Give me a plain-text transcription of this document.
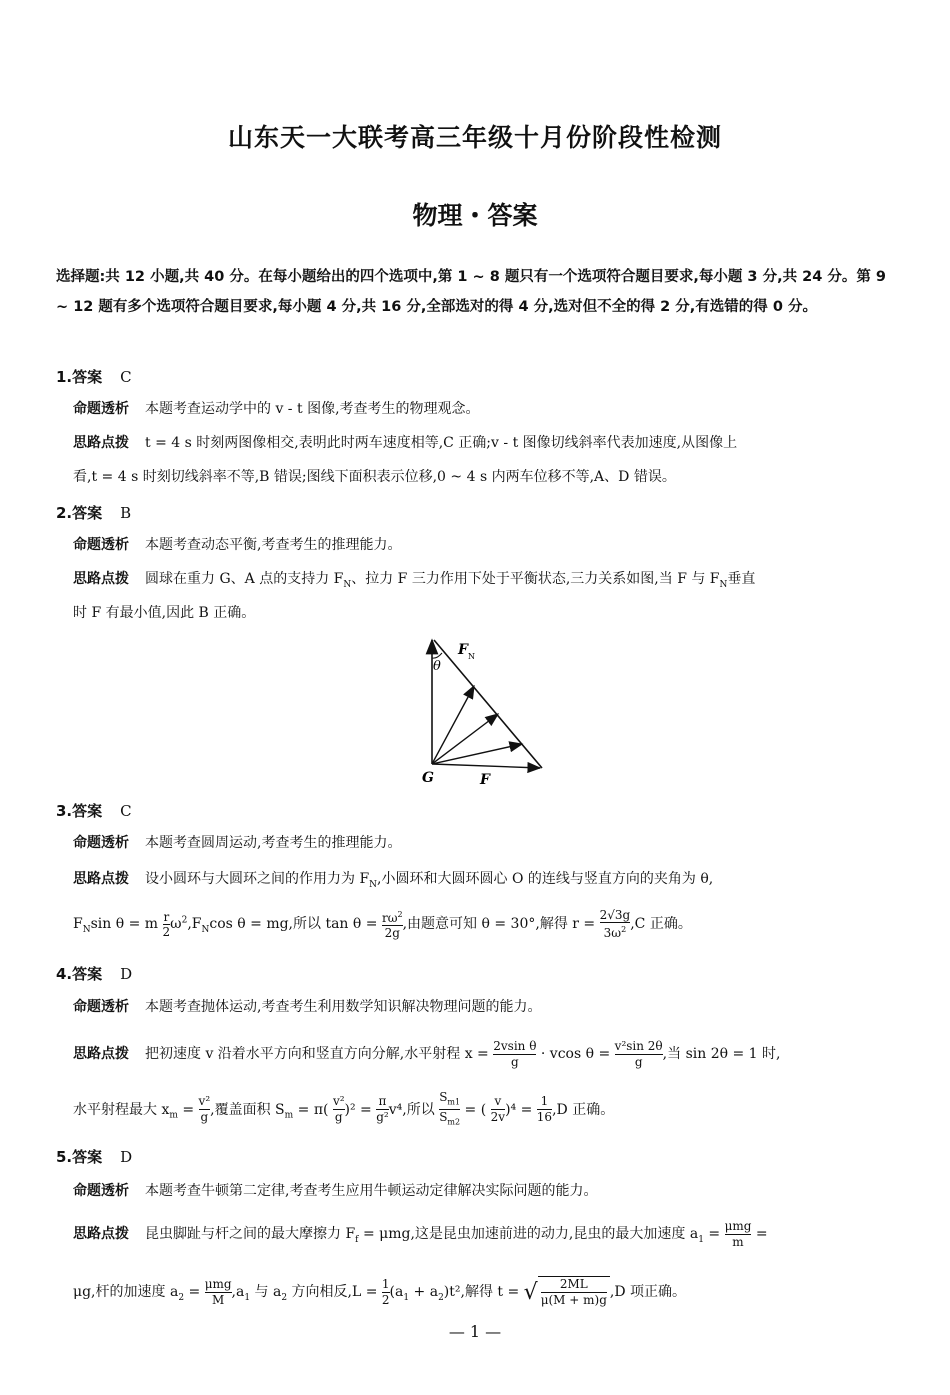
山东天一大联考高三年级十月份阶段性检测
物理・答案
选择题:共 12 小题,共 40 分。在每小题给出的四个选项中,第 1 ~ 8 题只有一个选项符合题目要求,每小题 3 分,共 24 分。第 9 ~ 12 题有多个选项符合题目要求,每小题 4 分,共 16 分,全部选对的得 4 分,选对但不全的得 2 分,有选错的得 0 分。
1.答案 C
命题透析 本题考查运动学中的 v - t 图像,考查考生的物理观念。
思路点拨 t = 4 s 时刻两图像相交,表明此时两车速度相等,C 正确;v - t 图像切线斜率代表加速度,从图像上
看,t = 4 s 时刻切线斜率不等,B 错误;图线下面积表示位移,0 ~ 4 s 内两车位移不等,A、D 错误。
2.答案 B
命题透析 本题考查动态平衡,考查考生的推理能力。
思路点拨 圆球在重力 G、A 点的支持力 $F_N$、拉力 F 三力作用下处于平衡状态,三力关系如图,当 F 与 $F_N$垂直
时 F 有最小值,因此 B 正确。
θ
F N
G	F
3.答案 C
命题透析 本题考查圆周运动,考查考生的推理能力。
思路点拨 设小圆环与大圆环之间的作用力为 $F_N$,小圆环和大圆环圆心 O 的连线与竖直方向的夹角为 θ,
$F_N\sin$ θ = m $\frac{r}{2} \omega^2,F_N\cos$ θ = mg,所以 $\tan \theta = \frac{r\omega^2}{2g}$ ,由题意可知 θ = 30°,解得 $r = \frac{2√3g}{3\omega^2} ,C$ 正确。
4.答案 D
命题透析 本题考查抛体运动,考查考生利用数学知识解决物理问题的能力。
思路点拨 把初速度 v 沿着水平方向和竖直方向分解,水平射程 $x = \frac{\text{2vsin θ}}{g} \cdot vcos$ $\theta = \frac{\text{v²sin 2θ}}{g}$ ,当 sin 2θ = 1 时,
水平射程最大 $x_m = \frac{\text{v²}}{g}$ ,覆盖面积 $S_m = \pi( \frac{\text{v²}}{g} )^2 = \frac{\pi}{\text{g²}} v^4$,所以 $\frac{S_{m1}}{S_{m2}}$ = ( $\frac{v}{2v} )^4 = \frac{1}{16} ,D$ 正确。
5.答案 D
命题透析 本题考查牛顿第二定律,考查考生应用牛顿运动定律解决实际问题的能力。
思路点拨 昆虫脚趾与杆之间的最大摩擦力 $F_f = \mu mg$,这是昆虫加速前进的动力,昆虫的最大加速度 $a_1$ =
μmg
m =
μg,杆的加速度 $a_2$ =
μmg
M $,a_1$ 与 $a_2$ 方向相反$,L = \frac{1}{2} (a_1 + a_2)t^2$,解得 t = √ $\frac{2ML}{\mu(M + m)g} ,D$ 项正确。
— 1 —
